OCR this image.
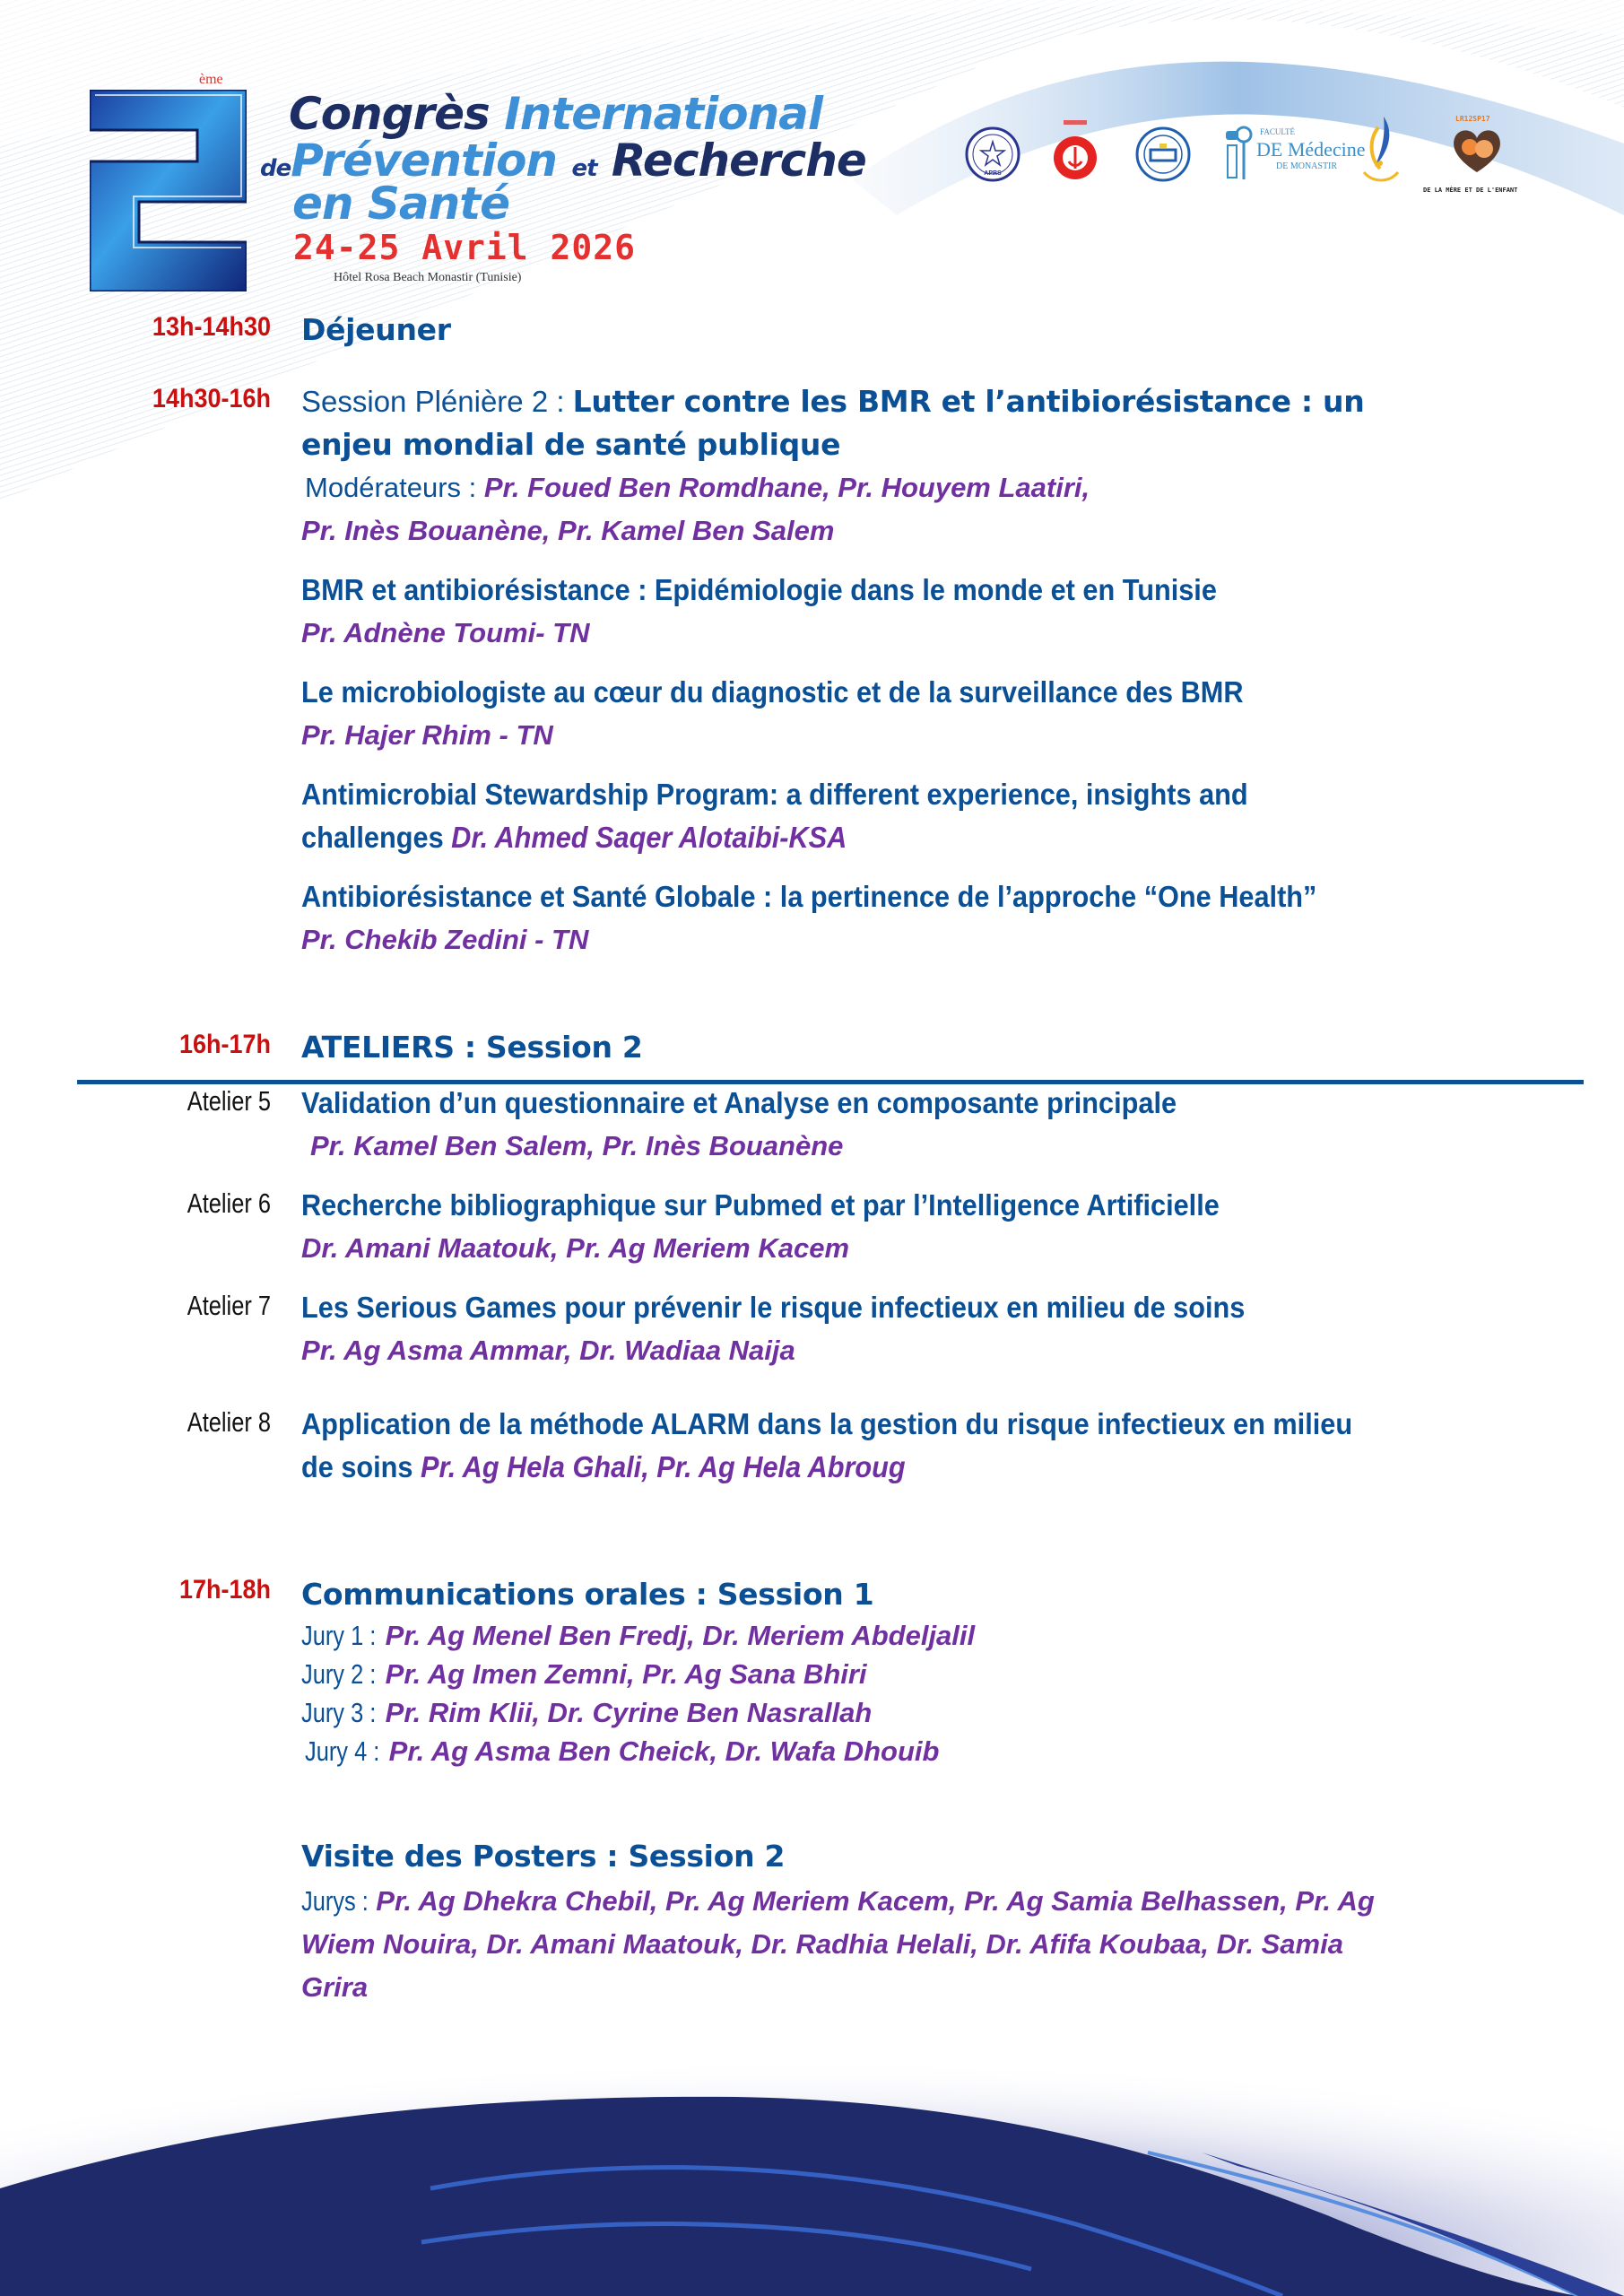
ème
Congrès International
dePrévention et Recherche
en Santé
24-25 Avril 2026
Hôtel Rosa Beach Monastir (Tunisie)
APRS
FACULTÉ
DE Médecine
DE MONASTIR
LR12SP17
DE LA MÈRE ET DE L'ENFANT
13h-14h30 Déjeuner
14h30-16h Session Plénière 2 : Lutter contre les BMR et l’antibiorésistance : un
enjeu mondial de santé publique
Modérateurs : Pr. Foued Ben Romdhane, Pr. Houyem Laatiri,
Pr. Inès Bouanène, Pr. Kamel Ben Salem
BMR et antibiorésistance : Epidémiologie dans le monde et en Tunisie
Pr. Adnène Toumi- TN
Le microbiologiste au cœur du diagnostic et de la surveillance des BMR
Pr. Hajer Rhim - TN
Antimicrobial Stewardship Program: a different experience, insights and
challenges Dr. Ahmed Saqer Alotaibi-KSA
Antibiorésistance et Santé Globale : la pertinence de l’approche “One Health”
Pr. Chekib Zedini - TN
16h-17h ATELIERS : Session 2
Atelier 5 Validation d’un questionnaire et Analyse en composante principale
Pr. Kamel Ben Salem, Pr. Inès Bouanène
Atelier 6 Recherche bibliographique sur Pubmed et par l’Intelligence Artificielle
Dr. Amani Maatouk, Pr. Ag Meriem Kacem
Atelier 7 Les Serious Games pour prévenir le risque infectieux en milieu de soins
Pr. Ag Asma Ammar, Dr. Wadiaa Naija
Atelier 8 Application de la méthode ALARM dans la gestion du risque infectieux en milieu
de soins Pr. Ag Hela Ghali, Pr. Ag Hela Abroug
17h-18h Communications orales : Session 1
Jury 1 :Pr. Ag Menel Ben Fredj, Dr. Meriem Abdeljalil
Jury 2 :Pr. Ag Imen Zemni, Pr. Ag Sana Bhiri
Jury 3 :Pr. Rim Klii, Dr. Cyrine Ben Nasrallah
Jury 4 :Pr. Ag Asma Ben Cheick, Dr. Wafa Dhouib
Visite des Posters : Session 2
Jurys :Pr. Ag Dhekra Chebil, Pr. Ag Meriem Kacem, Pr. Ag Samia Belhassen, Pr. Ag
Wiem Nouira, Dr. Amani Maatouk, Dr. Radhia Helali, Dr. Afifa Koubaa, Dr. Samia
Grira
